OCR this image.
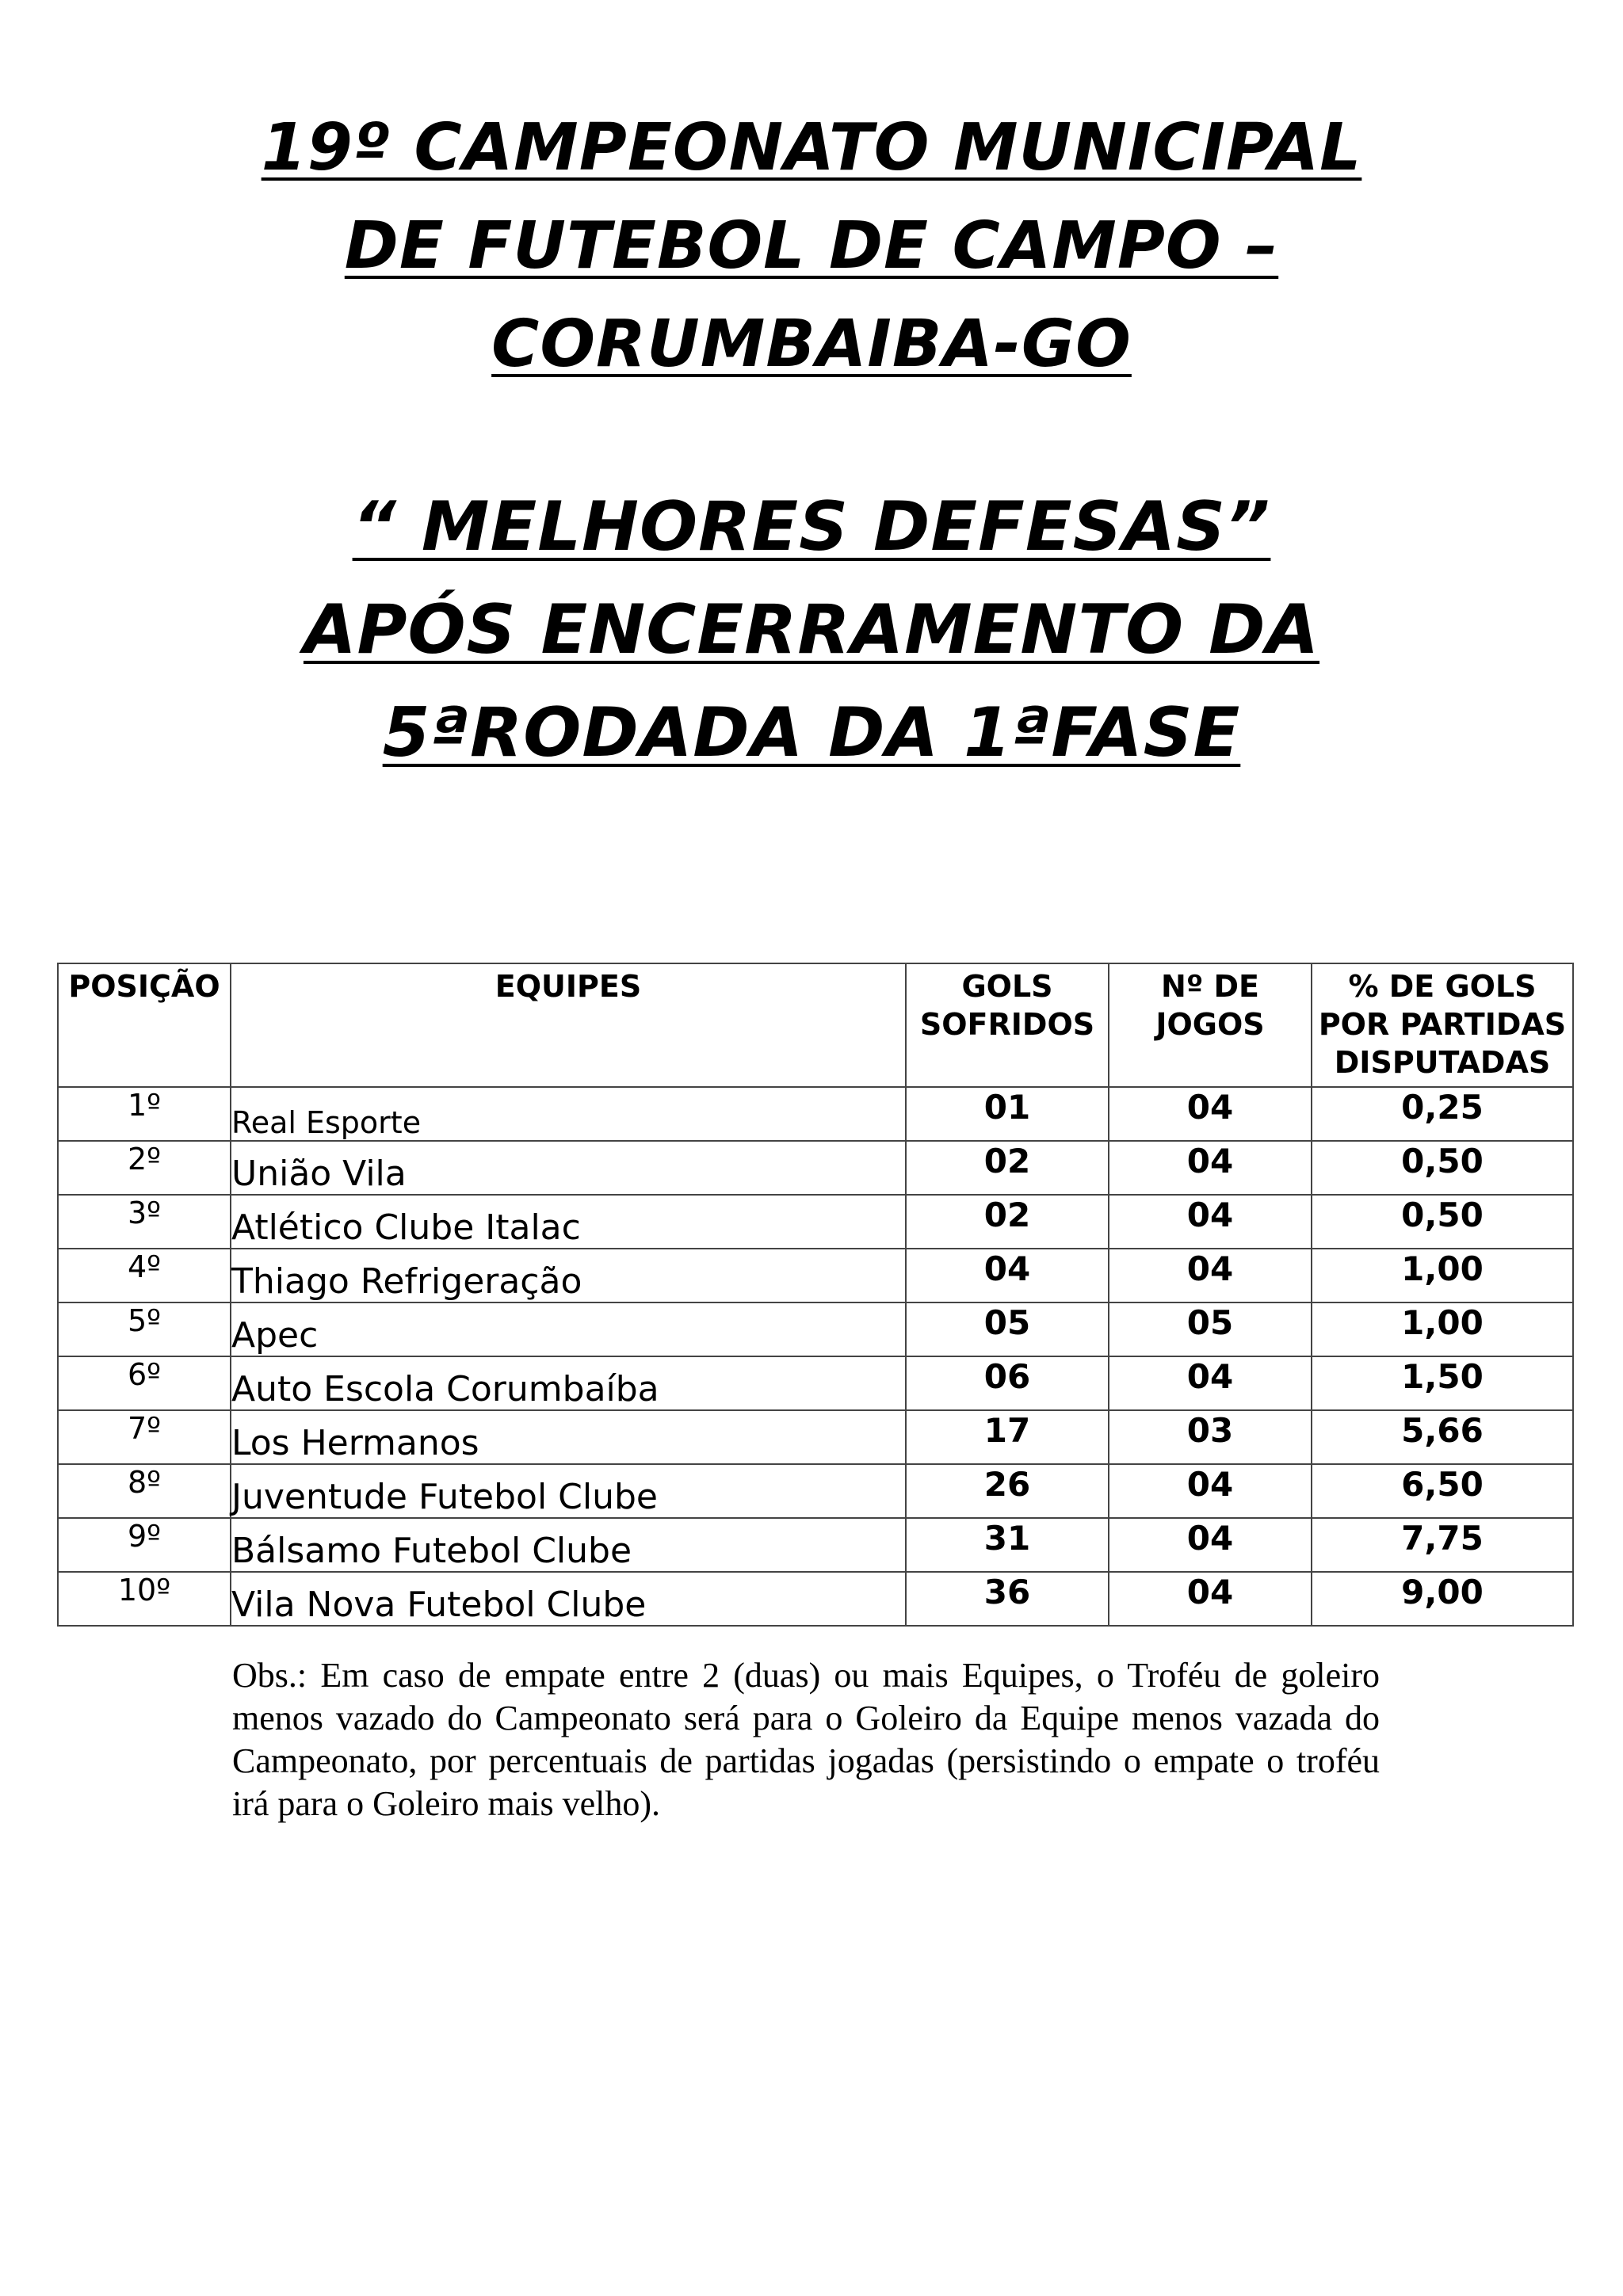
19º CAMPEONATO MUNICIPAL
DE FUTEBOL DE CAMPO –
CORUMBAIBA-GO
“ MELHORES DEFESAS”
APÓS ENCERRAMENTO DA
5ªRODADA DA 1ªFASE
POSIÇÃO	EQUIPES	GOLS SOFRIDOS	Nº DE JOGOS	% DE GOLS POR PARTIDAS DISPUTADAS
1º	Real Esporte	01	04	0,25
2º	União Vila	02	04	0,50
3º	Atlético Clube Italac	02	04	0,50
4º	Thiago Refrigeração	04	04	1,00
5º	Apec	05	05	1,00
6º	Auto Escola Corumbaíba	06	04	1,50
7º	Los Hermanos	17	03	5,66
8º	Juventude Futebol Clube	26	04	6,50
9º	Bálsamo Futebol Clube	31	04	7,75
10º	Vila Nova Futebol Clube	36	04	9,00
Obs.: Em caso de empate entre 2 (duas) ou mais Equipes, o Troféu de goleiro menos vazado do Campeonato será para o Goleiro da Equipe menos vazada do Campeonato, por percentuais de partidas jogadas (persistindo o empate o troféu irá para o Goleiro mais velho).
